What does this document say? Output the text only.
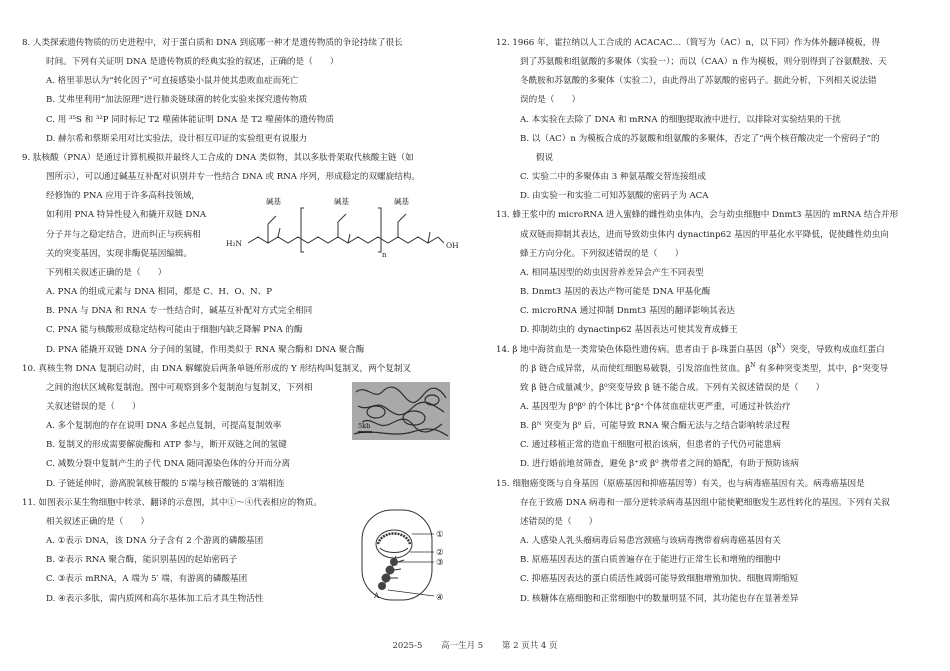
8. 人类探索遗传物质的历史进程中，对于蛋白质和 DNA 到底哪一种才是遗传物质的争论持续了很长

时间。下列有关证明 DNA 是遗传物质的经典实验的叙述，正确的是（　　）

A. 格里菲思认为“转化因子”可直接感染小鼠并使其患败血症而死亡

B. 艾弗里利用“加法原理”进行肺炎链球菌的转化实验来探究遗传物质

C. 用 ³⁵S 和 ³²P 同时标记 T2 噬菌体能证明 DNA 是 T2 噬菌体的遗传物质

D. 赫尔希和蔡斯采用对比实验法，设计相互印证的实验组更有说服力

9. 肽核酸（PNA）是通过计算机模拟并最终人工合成的 DNA 类似物，其以多肽骨架取代核酸主链（如

图所示），可以通过碱基互补配对识别并专一性结合 DNA 或 RNA 序列，形成稳定的双螺旋结构。

经修饰的 PNA 应用于许多高科技领域，

如利用 PNA 特异性侵入和撬开双链 DNA

分子并与之稳定结合，进而纠正与疾病相

关的突变基因，实现非酶促基因编辑。

下列相关叙述正确的是（　　）

A. PNA 的组成元素与 DNA 相同，都是 C、H、O、N、P

B. PNA 与 DNA 和 RNA 专一性结合时，碱基互补配对方式完全相同

C. PNA 能与核酸形成稳定结构可能由于细胞内缺乏降解 PNA 的酶

D. PNA 能撬开双链 DNA 分子间的氢键，作用类似于 RNA 聚合酶和 DNA 聚合酶

10. 真核生物 DNA 复制启动时，由 DNA 解螺旋后两条单链所形成的 Y 形结构叫复制叉，两个复制叉

之间的泡状区域称复制泡。图中可观察到多个复制泡与复制叉，下列相

关叙述错误的是（　　）

A. 多个复制泡的存在说明 DNA 多起点复制，可提高复制效率

B. 复制叉的形成需要解旋酶和 ATP 参与，断开双链之间的氢键

C. 减数分裂中复制产生的子代 DNA 随同源染色体的分开而分离

D. 子链延伸时，游离脱氧核苷酸的 5′端与核苷酸链的 3′端相连

11. 如图表示某生物细胞中转录、翻译的示意图，其中①～④代表相应的物质。

相关叙述正确的是（　　）

A. ①表示 DNA，该 DNA 分子含有 2 个游离的磷酸基团

B. ②表示 RNA 聚合酶，能识别基因的起始密码子

C. ③表示 mRNA，A 端为 5′ 端，有游离的磷酸基团

D. ④表示多肽，需内质网和高尔基体加工后才具生物活性

碱基	碱基	碱基
H₂N
n
OH
5kb
①
②
③
④
A

12. 1966 年，霍拉纳以人工合成的 ACACAC…（简写为（AC）n，以下同）作为体外翻译模板，得

到了苏氨酸和组氨酸的多聚体（实验一）；而以（CAA）n 作为模板，则分别得到了谷氨酰胺、天

冬酰胺和苏氨酸的多聚体（实验二），由此得出了苏氨酸的密码子。据此分析，下列相关说法错

误的是（　　）

A. 本实验在去除了 DNA 和 mRNA 的细胞提取液中进行，以排除对实验结果的干扰

B. 以（AC）n 为模板合成的苏氨酸和组氨酸的多聚体，否定了“两个核苷酸决定一个密码子”的

假说

C. 实验二中的多聚体由 3 种氨基酸交替连接组成

D. 由实验一和实验二可知苏氨酸的密码子为 ACA

13. 蜂王浆中的 microRNA 进入蜜蜂的雌性幼虫体内，会与幼虫细胞中 Dnmt3 基因的 mRNA 结合并形

成双链而抑制其表达，进而导致幼虫体内 dynactinp62 基因的甲基化水平降低，促使雌性幼虫向

蜂王方向分化。下列叙述错误的是（　　）

A. 相同基因型的幼虫因营养差异会产生不同表型

B. Dnmt3 基因的表达产物可能是 DNA 甲基化酶

C. microRNA 通过抑制 Dnmt3 基因的翻译影响其表达

D. 抑制幼虫的 dynactinp62 基因表达可使其发育成蜂王

14. β 地中海贫血是一类常染色体隐性遗传病。患者由于 β-珠蛋白基因$(\beta^N)$突变，导致构成血红蛋白

的 β 链合成异常，从而使红细胞易破裂，引发溶血性贫血。$\beta^N$ 有多种突变类型，其中，β⁺突变导

致 β 链合成量减少，β⁰突变导致 β 链不能合成。下列有关叙述错误的是（　　）

A. 基因型为 β⁰β⁰ 的个体比 β⁺β⁺个体贫血症状更严重，可通过补铁治疗

B. βᴺ 突变为 β⁰ 后，可能导致 RNA 聚合酶无法与之结合影响转录过程

C. 通过移植正常的造血干细胞可根治该病，但患者的子代仍可能患病

D. 进行婚前地贫筛查，避免 β⁺或 β⁰ 携带者之间的婚配，有助于预防该病

15. 细胞癌变既与自身基因（原癌基因和抑癌基因等）有关，也与病毒癌基因有关。病毒癌基因是

存在于致癌 DNA 病毒和一部分逆转录病毒基因组中能使靶细胞发生恶性转化的基因。下列有关叙

述错误的是（　　）

A. 人感染人乳头瘤病毒后易患宫颈癌与该病毒携带着病毒癌基因有关

B. 原癌基因表达的蛋白质普遍存在于能进行正常生长和增殖的细胞中

C. 抑癌基因表达的蛋白质活性减弱可能导致细胞增殖加快、细胞周期缩短

D. 核糖体在癌细胞和正常细胞中的数量明显不同，其功能也存在显著差异

2025-5 高一生月 5 第 2 页共 4 页
